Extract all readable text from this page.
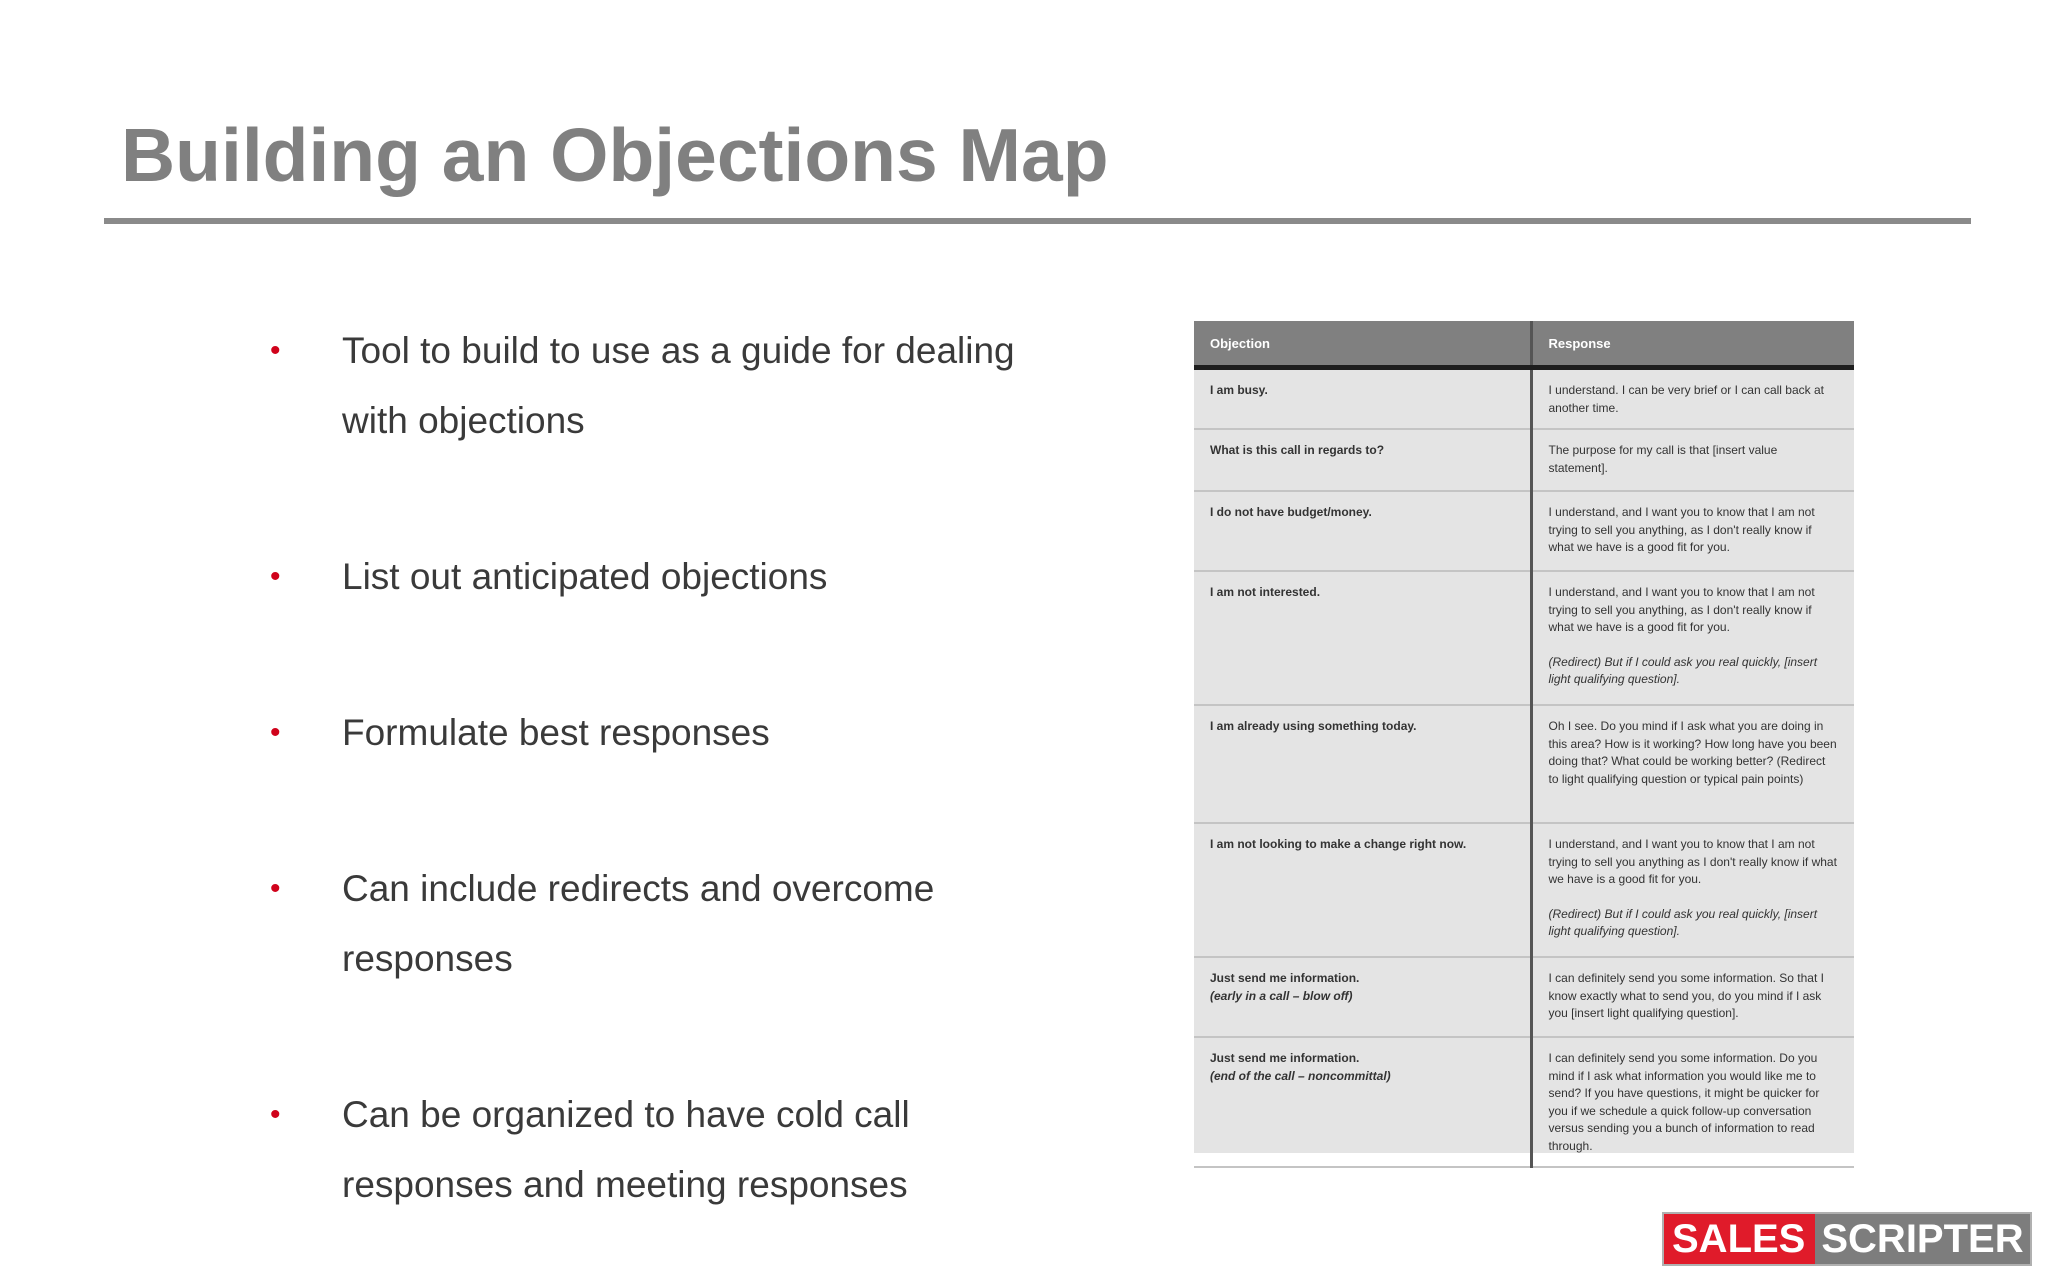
Building an Objections Map
• Tool to build to use as a guide for dealing with objections
• List out anticipated objections
• Formulate best responses
• Can include redirects and overcome responses
• Can be organized to have cold call responses and meeting responses
Objection	Response
I am busy.	I understand. I can be very brief or I can call back at another time.
What is this call in regards to?	The purpose for my call is that [insert value statement].
I do not have budget/money.	I understand, and I want you to know that I am not trying to sell you anything, as I don't really know if what we have is a good fit for you.
I am not interested.	I understand, and I want you to know that I am not trying to sell you anything, as I don't really know if what we have is a good fit for you.
(Redirect) But if I could ask you real quickly, [insert light qualifying question].

I am already using something today.	Oh I see. Do you mind if I ask what you are doing in this area? How is it working? How long have you been doing that? What could be working better? (Redirect to light qualifying question or typical pain points)
I am not looking to make a change right now.	I understand, and I want you to know that I am not trying to sell you anything as I don't really know if what we have is a good fit for you.
(Redirect) But if I could ask you real quickly, [insert light qualifying question].

Just send me information.
(early in a call – blow off)	I can definitely send you some information. So that I know exactly what to send you, do you mind if I ask you [insert light qualifying question].
Just send me information.
(end of the call – noncommittal)	I can definitely send you some information. Do you mind if I ask what information you would like me to send? If you have questions, it might be quicker for you if we schedule a quick follow-up conversation versus sending you a bunch of information to read through.
SALES SCRIPTER
